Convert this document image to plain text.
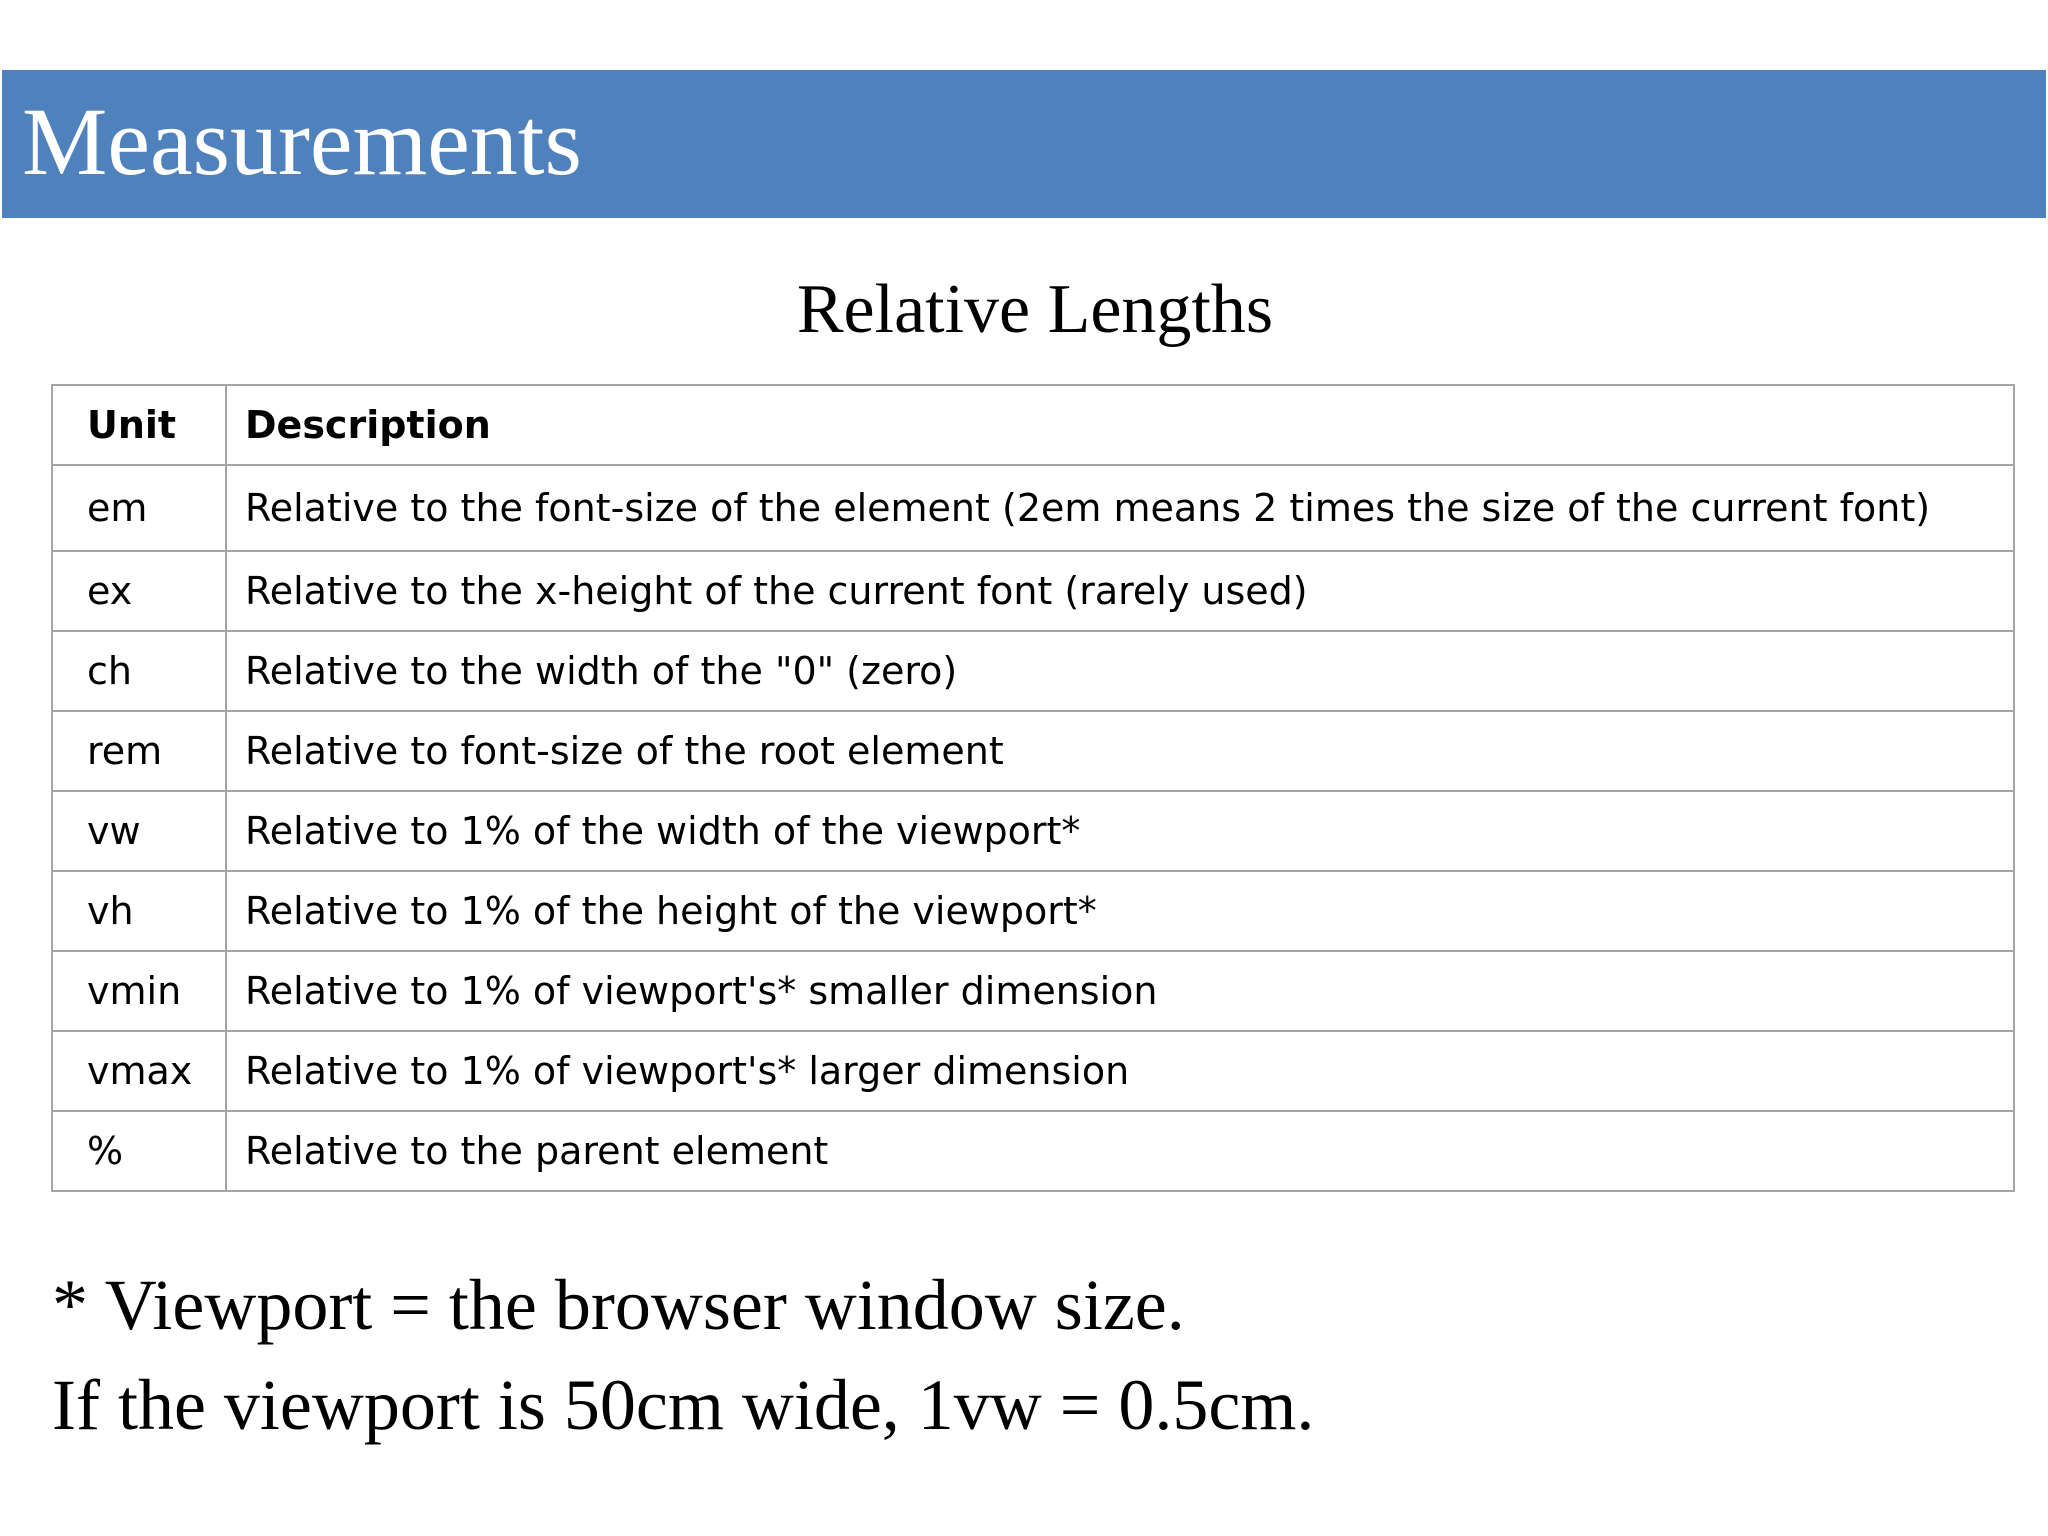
Measurements
Relative Lengths
Unit	Description
em	Relative to the font-size of the element (2em means 2 times the size of the current font)
ex	Relative to the x-height of the current font (rarely used)
ch	Relative to the width of the "0" (zero)
rem	Relative to font-size of the root element
vw	Relative to 1% of the width of the viewport*
vh	Relative to 1% of the height of the viewport*
vmin	Relative to 1% of viewport's* smaller dimension
vmax	Relative to 1% of viewport's* larger dimension
%	Relative to the parent element
* Viewport = the browser window size.
If the viewport is 50cm wide, 1vw = 0.5cm.
